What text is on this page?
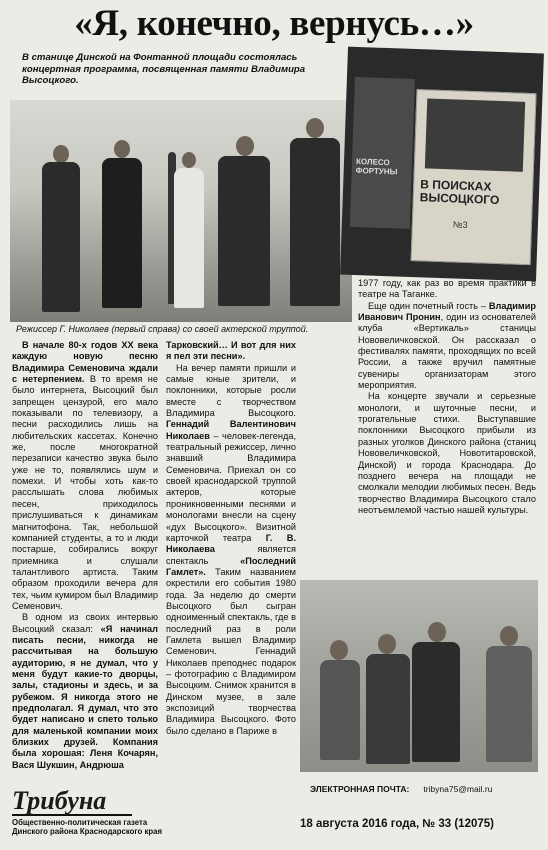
«Я, конечно, вернусь…»
В станице Динской на Фонтанной площади состоялась концертная программа, посвященная памяти Владимира Высоцкого.
Режиссер Г. Николаев (первый справа) со своей актерской труппой.
В ПОИСКАХ ВЫСОЦКОГО
№3
КОЛЕСО ФОРТУНЫ

В начале 80-х годов XX века каждую новую песню Владимира Семеновича ждали с нетерпением. В то время не было интернета, Высоцкий был запрещен цензурой, его мало показывали по телевизору, а песни расходились лишь на любительских кассетах. Конечно же, после многократной перезаписи качество звука было уже не то, появлялись шум и помехи. И чтобы хоть как-то расслышать слова любимых песен, приходилось прислушиваться к динамикам магнитофона. Так, небольшой компанией студенты, а то и люди постарше, собирались вокруг приемника и слушали талантливого артиста. Таким образом проходили вечера для тех, чьим кумиром был Владимир Семенович.

В одном из своих интервью Высоцкий сказал: «Я начинал писать песни, никогда не рассчитывая на большую аудиторию, я не думал, что у меня будут какие-то дворцы, залы, стадионы и здесь, и за рубежом. Я никогда этого не предполагал. Я думал, что это будет написано и спето только для маленькой компании моих близких друзей. Компания была хорошая: Леня Кочарян, Вася Шукшин, Андрюша

Тарковский… И вот для них я пел эти песни».

На вечер памяти пришли и самые юные зрители, и поклонники, которые росли вместе с творчеством Владимира Высоцкого. Геннадий Валентинович Николаев – человек-легенда, театральный режиссер, лично знавший Владимира Семеновича. Приехал он со своей краснодарской труппой актеров, которые проникновенными песнями и монологами внесли на сцену «дух Высоцкого». Визитной карточкой театра Г. В. Николаева является спектакль «Последний Гамлет». Таким названием окрестили его события 1980 года. За неделю до смерти Высоцкого был сыгран одноименный спектакль, где в последний раз в роли Гамлета вышел Владимир Семенович. Геннадий Николаев преподнес подарок – фотографию с Владимиром Высоцким. Снимок хранится в Динском музее, в зале экспозиций творчества Владимира Высоцкого. Фото было сделано в Париже в

1977 году, как раз во время практики в театре на Таганке.

Еще один почетный гость – Владимир Иванович Пронин, один из основателей клуба «Вертикаль» станицы Нововеличковской. Он рассказал о фестивалях памяти, проходящих по всей России, а также вручил памятные сувениры организаторам этого мероприятия.

На концерте звучали и серьезные монологи, и шуточные песни, и трогательные стихи. Выступавшие поклонники Высоцкого прибыли из разных уголков Динского района (станиц Нововеличковской, Новотитаровской, Динской) и города Краснодара. До позднего вечера на площади не смолкали мелодии любимых песен. Ведь творчество Владимира Высоцкого стало неотъемлемой частью нашей культуры.

Трибуна
Общественно-политическая газета
Динского района Краснодарского края
ЭЛЕКТРОННАЯ ПОЧТА: tribyna75@mail.ru
18 августа 2016 года, № 33 (12075)
